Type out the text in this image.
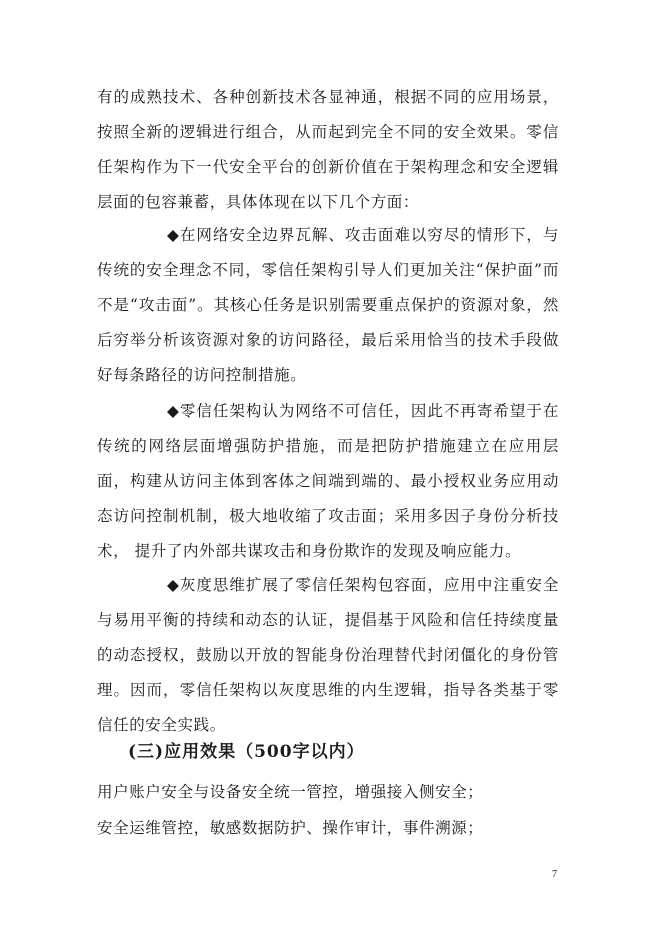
有的成熟技术、各种创新技术各显神通，根据不同的应用场景， 按照全新的逻辑进行组合，从而起到完全不同的安全效果。零信任架构作为下一代安全平台的创新价值在于架构理念和安全逻辑层面的包容兼蓄，具体体现在以下几个方面：

◆在网络安全边界瓦解、攻击面难以穷尽的情形下，与传统的安全理念不同，零信任架构引导人们更加关注“保护面”而不是“攻击面”。其核心任务是识别需要重点保护的资源对象，然后穷举分析该资源对象的访问路径，最后采用恰当的技术手段做好每条路径的访问控制措施。

◆零信任架构认为网络不可信任，因此不再寄希望于在传统的网络层面增强防护措施，而是把防护措施建立在应用层面，构建从访问主体到客体之间端到端的、最小授权业务应用动态访问控制机制，极大地收缩了攻击面；采用多因子身份分析技术， 提升了内外部共谋攻击和身份欺诈的发现及响应能力。

◆灰度思维扩展了零信任架构包容面，应用中注重安全与易用平衡的持续和动态的认证，提倡基于风险和信任持续度量的动态授权，鼓励以开放的智能身份治理替代封闭僵化的身份管理。因而，零信任架构以灰度思维的内生逻辑，指导各类基于零信任的安全实践。

(三)应用效果（500字以内）

用户账户安全与设备安全统一管控，增强接入侧安全；

安全运维管控，敏感数据防护、操作审计，事件溯源；

7
